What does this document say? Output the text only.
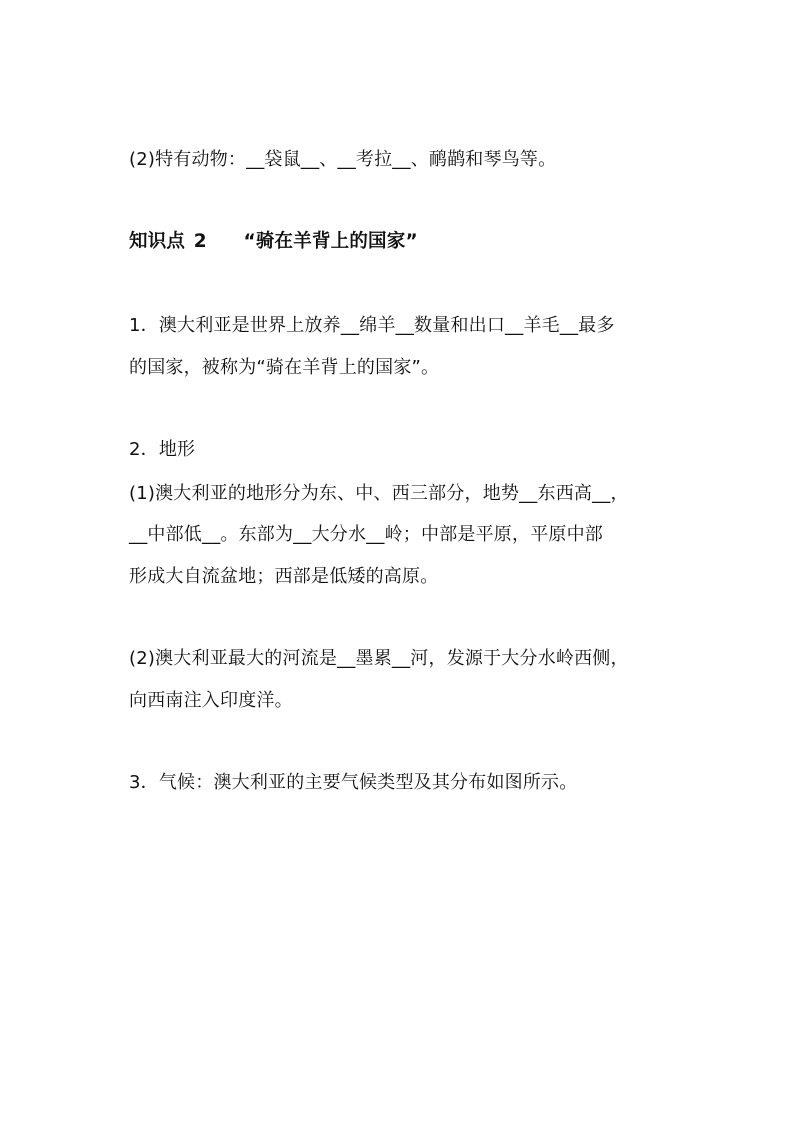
(2)特有动物：__袋鼠__、__考拉__、鸸鹋和琴鸟等。
知识点 2 “骑在羊背上的国家”
1．澳大利亚是世界上放养__绵羊__数量和出口__羊毛__最多
的国家，被称为“骑在羊背上的国家”。
2．地形
(1)澳大利亚的地形分为东、中、西三部分，地势__东西高__，
__中部低__。东部为__大分水__岭；中部是平原，平原中部
形成大自流盆地；西部是低矮的高原。
(2)澳大利亚最大的河流是__墨累__河，发源于大分水岭西侧，
向西南注入印度洋。
3．气候：澳大利亚的主要气候类型及其分布如图所示。
